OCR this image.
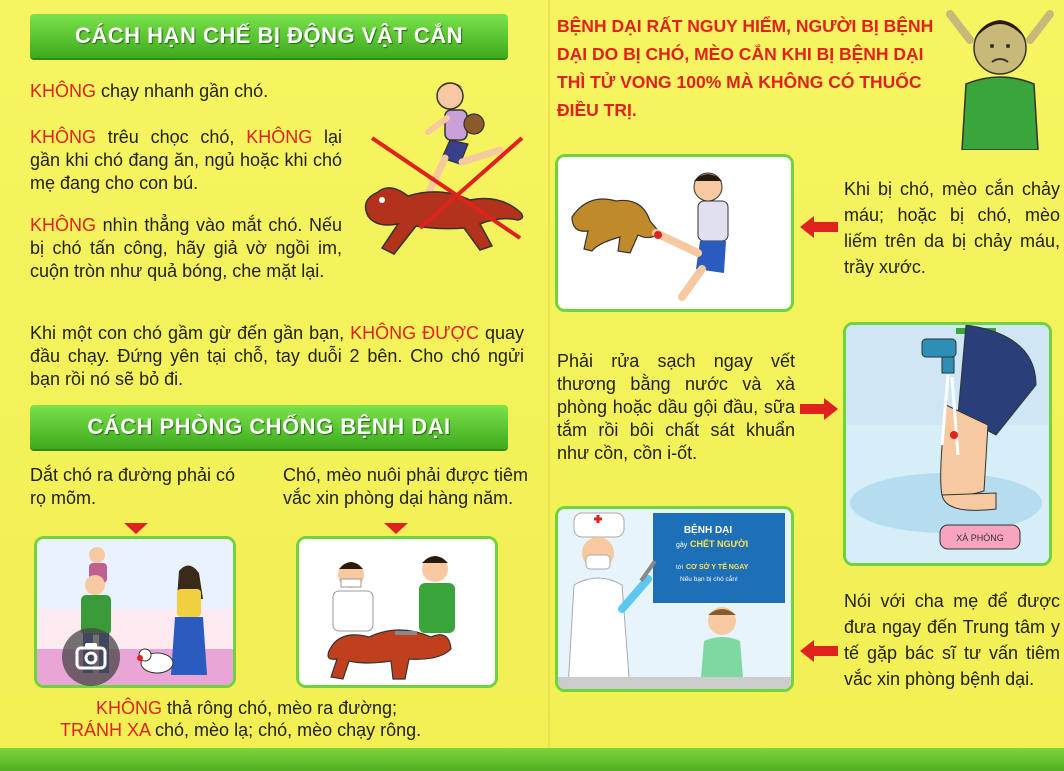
CÁCH HẠN CHẾ BỊ ĐỘNG VẬT CẮN
KHÔNG chạy nhanh gần chó.
KHÔNG trêu chọc chó, KHÔNG lại gần khi chó đang ăn, ngủ hoặc khi chó mẹ đang cho con bú.
KHÔNG nhìn thẳng vào mắt chó. Nếu bị chó tấn công, hãy giả vờ ngồi im, cuộn tròn như quả bóng, che mặt lại.
Khi một con chó gầm gừ đến gần bạn, KHÔNG ĐƯỢC quay đầu chạy. Đứng yên tại chỗ, tay duỗi 2 bên. Cho chó ngửi bạn rồi nó sẽ bỏ đi.
CÁCH PHÒNG CHỐNG BỆNH DẠI
Dắt chó ra đường phải có rọ mõm.
Chó, mèo nuôi phải được tiêm vắc xin phòng dại hàng năm.
KHÔNG thả rông chó, mèo ra đường;
TRÁNH XA chó, mèo lạ; chó, mèo chạy rông.
BỆNH DẠI RẤT NGUY HIỂM, NGƯỜI BỊ BỆNH DẠI DO BỊ CHÓ, MÈO CẮN KHI BỊ BỆNH DẠI THÌ TỬ VONG 100% MÀ KHÔNG CÓ THUỐC ĐIỀU TRỊ.
Khi bị chó, mèo cắn chảy máu; hoặc bị chó, mèo liếm trên da bị chảy máu, trầy xước.
Phải rửa sạch ngay vết thương bằng nước và xà phòng hoặc dầu gội đầu, sữa tắm rồi bôi chất sát khuẩn như cồn, cồn i-ốt.
XÀ PHÒNG
BỆNH DẠI
gây CHẾT NGƯỜI
tới CƠ SỞ Y TẾ NGAY
Nếu bạn bị chó cắn!
Nói với cha mẹ để được đưa ngay đến Trung tâm y tế gặp bác sĩ tư vấn tiêm vắc xin phòng bệnh dại.
